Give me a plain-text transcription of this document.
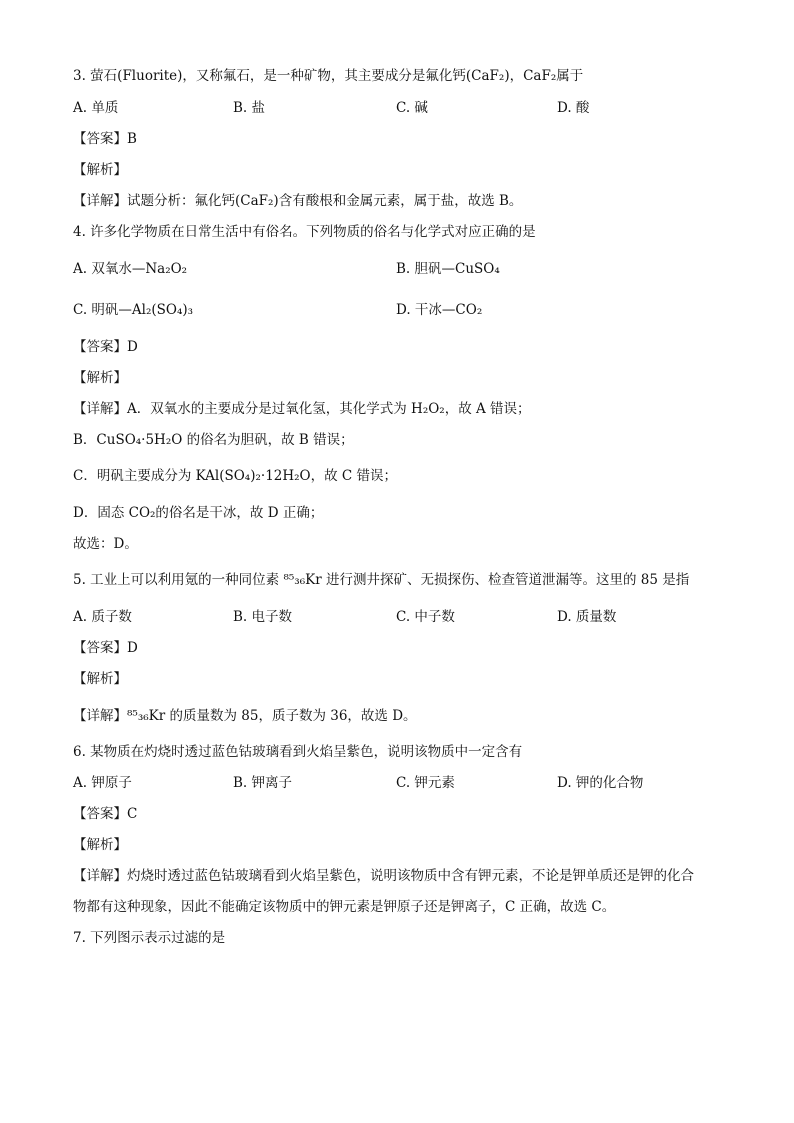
3. 萤石(Fluorite)，又称氟石，是一种矿物，其主要成分是氟化钙(CaF₂)，CaF₂属于
A. 单质	B. 盐	C. 碱	D. 酸
【答案】B
【解析】
【详解】试题分析：氟化钙(CaF₂)含有酸根和金属元素，属于盐，故选 B。
4. 许多化学物质在日常生活中有俗名。下列物质的俗名与化学式对应正确的是
A. 双氧水—Na₂O₂	B. 胆矾—CuSO₄
C. 明矾—Al₂(SO₄)₃	D. 干冰—CO₂
【答案】D
【解析】
【详解】A．双氧水的主要成分是过氧化氢，其化学式为 H₂O₂，故 A 错误；
B．CuSO₄·5H₂O 的俗名为胆矾，故 B 错误；
C．明矾主要成分为 KAl(SO₄)₂·12H₂O，故 C 错误；
D．固态 CO₂的俗名是干冰，故 D 正确；
故选：D。
5. 工业上可以利用氪的一种同位素 ⁸⁵₃₆Kr 进行测井探矿、无损探伤、检查管道泄漏等。这里的 85 是指
A. 质子数	B. 电子数	C. 中子数	D. 质量数
【答案】D
【解析】
【详解】⁸⁵₃₆Kr 的质量数为 85，质子数为 36，故选 D。
6. 某物质在灼烧时透过蓝色钴玻璃看到火焰呈紫色，说明该物质中一定含有
A. 钾原子	B. 钾离子	C. 钾元素	D. 钾的化合物
【答案】C
【解析】
【详解】灼烧时透过蓝色钴玻璃看到火焰呈紫色，说明该物质中含有钾元素，不论是钾单质还是钾的化合
物都有这种现象，因此不能确定该物质中的钾元素是钾原子还是钾离子，C 正确，故选 C。
7. 下列图示表示过滤的是
